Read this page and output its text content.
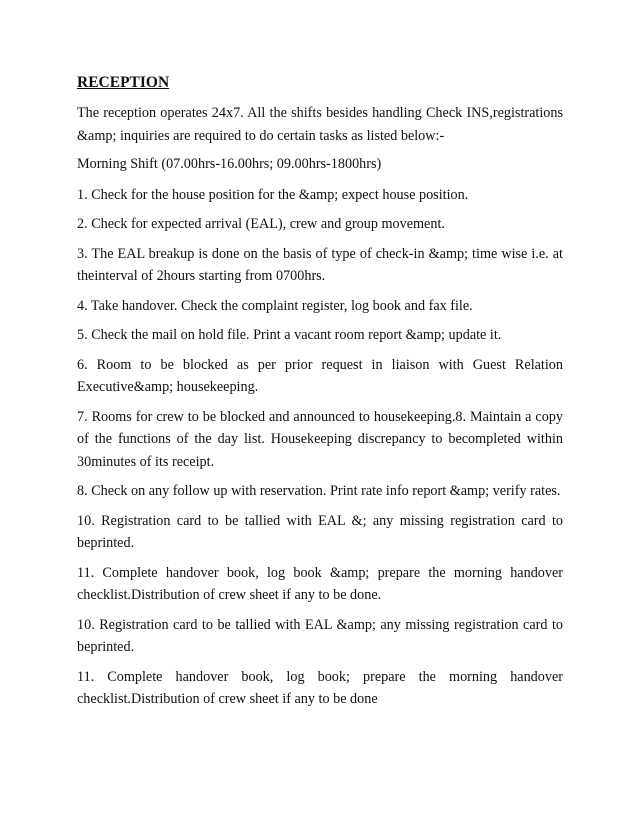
RECEPTION
The reception operates 24x7. All the shifts besides handling Check INS,registrations &amp; inquiries are required to do certain tasks as listed below:-
Morning Shift (07.00hrs-16.00hrs; 09.00hrs-1800hrs)
1. Check for the house position for the &amp; expect house position.
2. Check for expected arrival (EAL), crew and group movement.
3. The EAL breakup is done on the basis of type of check-in &amp; time wise i.e. at theinterval of 2hours starting from 0700hrs.
4. Take handover. Check the complaint register, log book and fax file.
5. Check the mail on hold file. Print a vacant room report &amp; update it.
6. Room to be blocked as per prior request in liaison with Guest Relation Executive&amp; housekeeping.
7. Rooms for crew to be blocked and announced to housekeeping.8. Maintain a copy of the functions of the day list. Housekeeping discrepancy to becompleted within 30minutes of its receipt.
8. Check on any follow up with reservation. Print rate info report &amp; verify rates.
10. Registration card to be tallied with EAL &; any missing registration card to beprinted.
11. Complete handover book, log book &amp; prepare the morning handover checklist.Distribution of crew sheet if any to be done.
10. Registration card to be tallied with EAL &amp; any missing registration card to beprinted.
11. Complete handover book, log book; prepare the morning handover checklist.Distribution of crew sheet if any to be done
